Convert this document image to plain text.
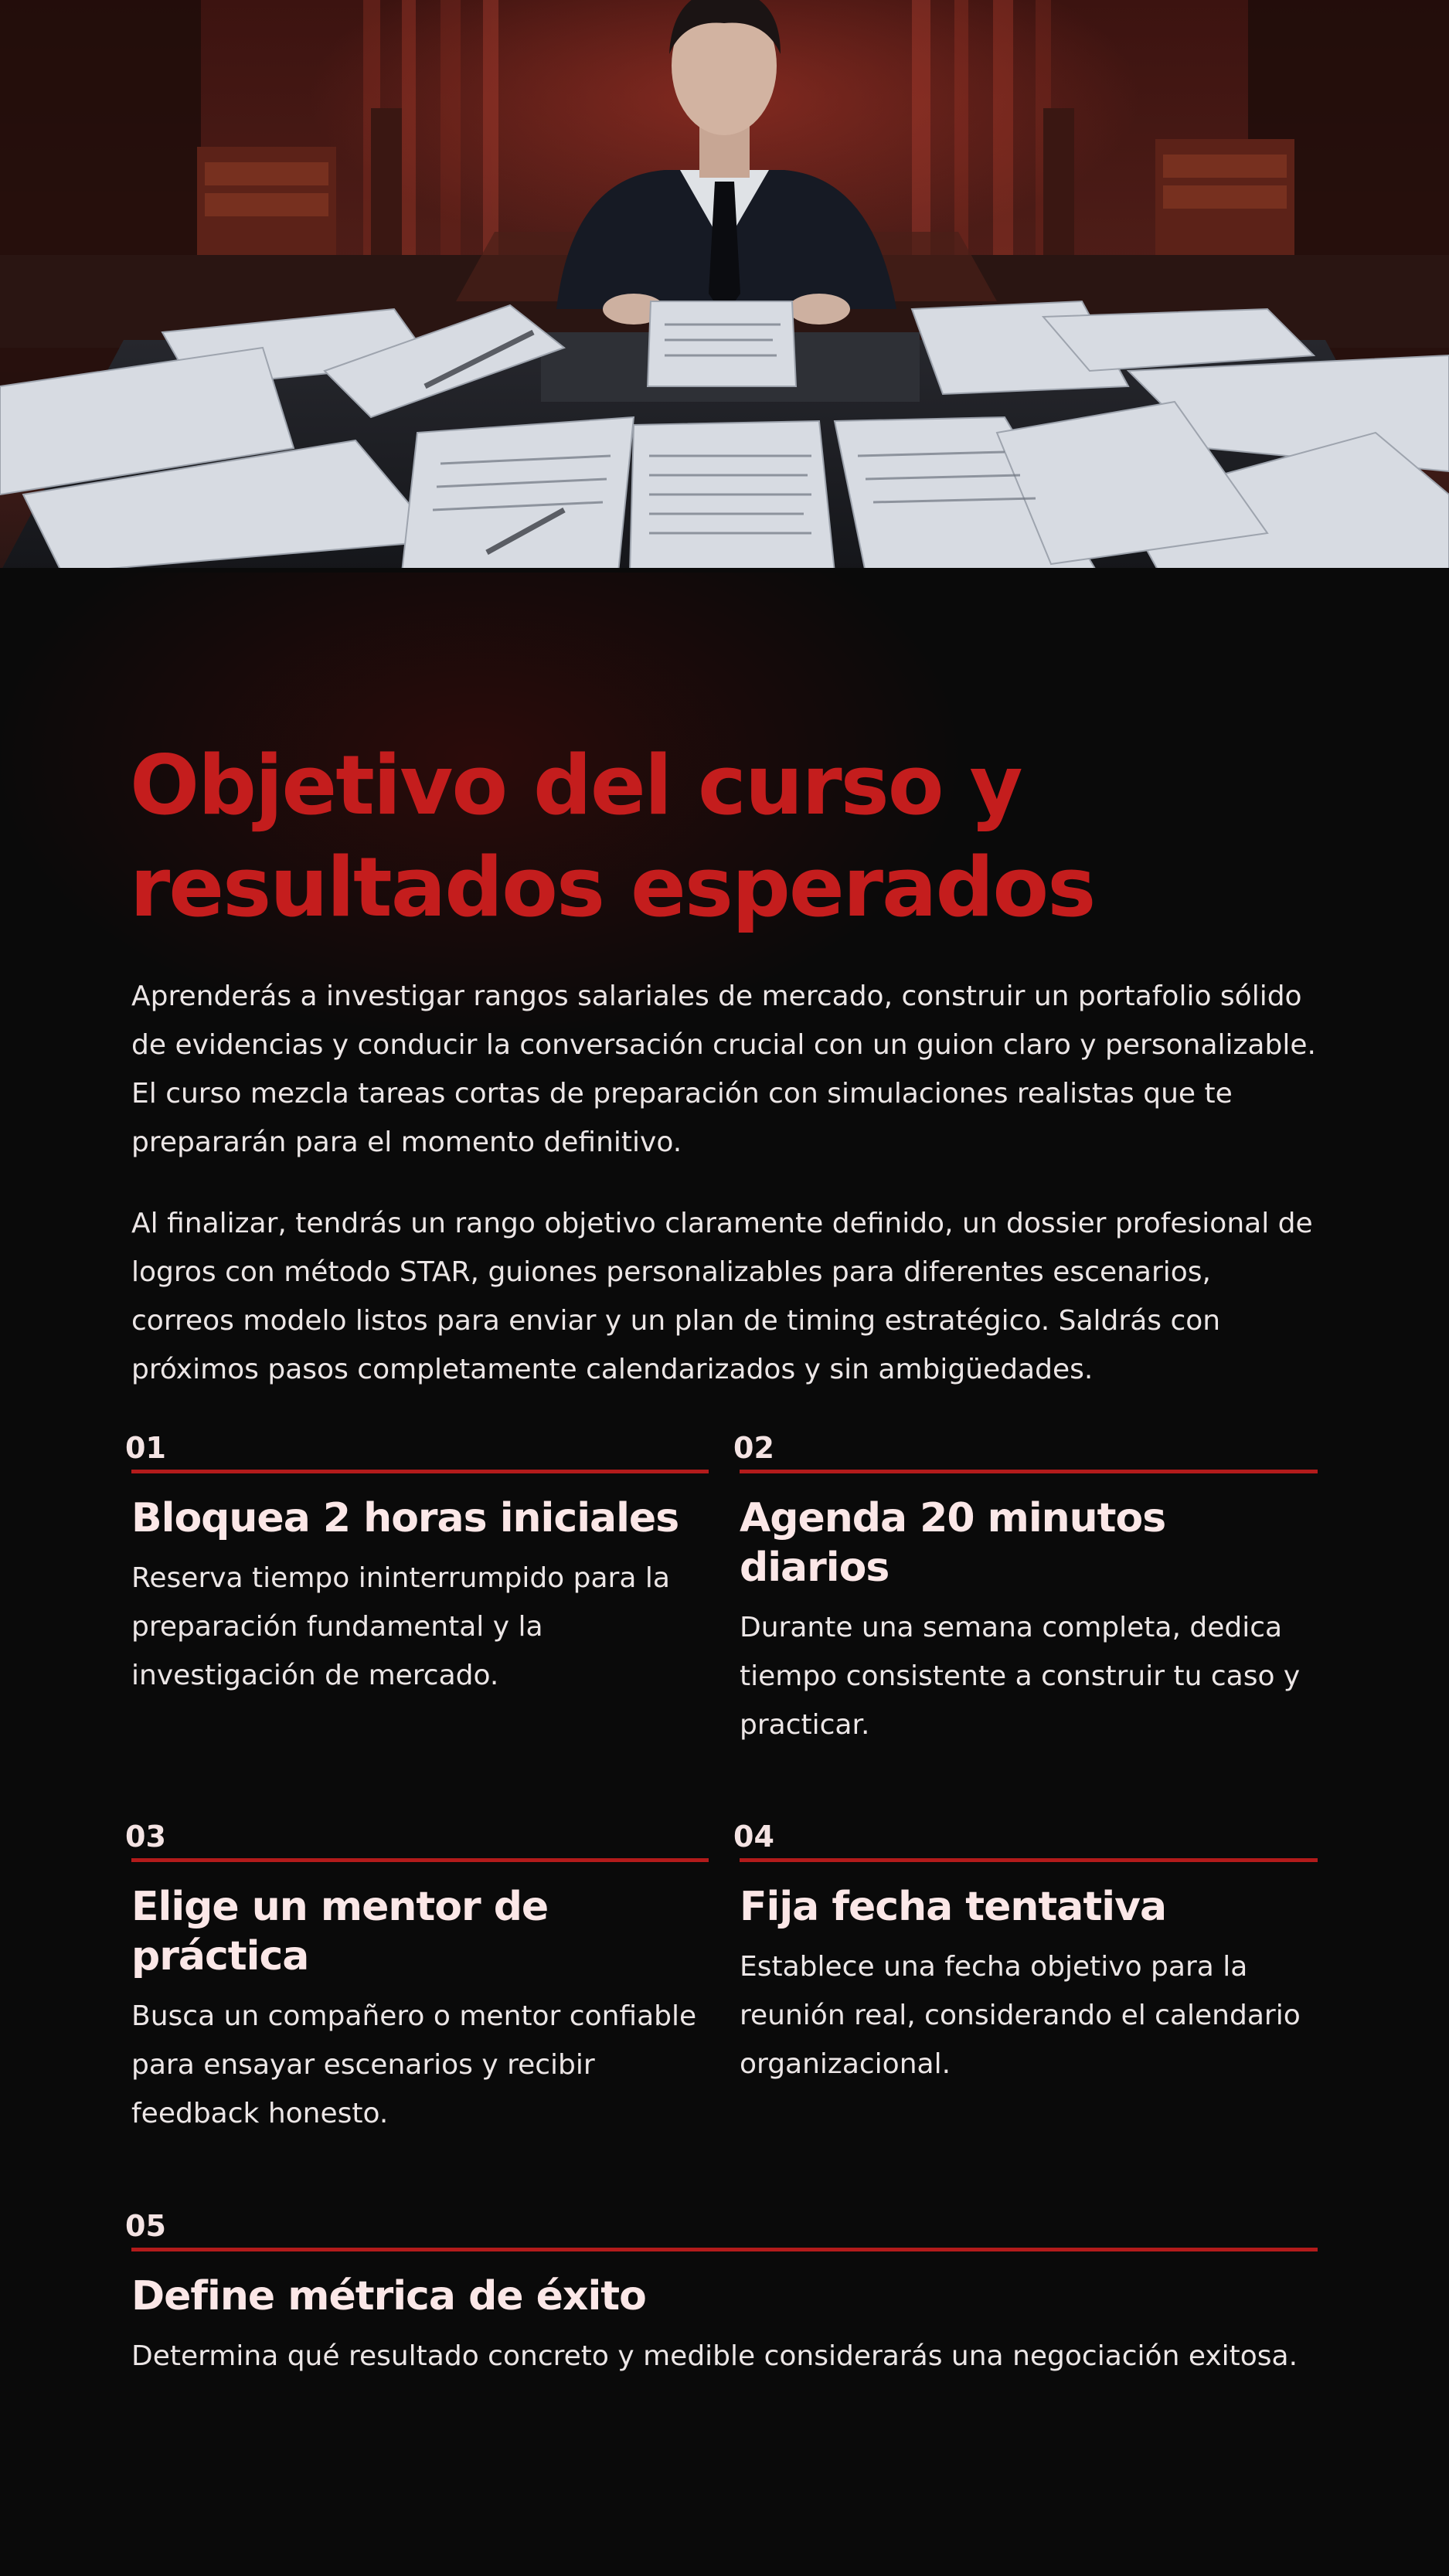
Objetivo del curso y resultados esperados

Aprenderás a investigar rangos salariales de mercado, construir un portafolio sólido de evidencias y conducir la conversación crucial con un guion claro y personalizable. El curso mezcla tareas cortas de preparación con simulaciones realistas que te prepararán para el momento definitivo.

Al finalizar, tendrás un rango objetivo claramente definido, un dossier profesional de logros con método STAR, guiones personalizables para diferentes escenarios, correos modelo listos para enviar y un plan de timing estratégico. Saldrás con próximos pasos completamente calendarizados y sin ambigüedades.

01
Bloquea 2 horas iniciales

Reserva tiempo ininterrumpido para la preparación fundamental y la investigación de mercado.

02
Agenda 20 minutos diarios

Durante una semana completa, dedica tiempo consistente a construir tu caso y practicar.

03
Elige un mentor de práctica

Busca un compañero o mentor confiable para ensayar escenarios y recibir feedback honesto.

04
Fija fecha tentativa

Establece una fecha objetivo para la reunión real, considerando el calendario organizacional.

05
Define métrica de éxito

Determina qué resultado concreto y medible considerarás una negociación exitosa.
